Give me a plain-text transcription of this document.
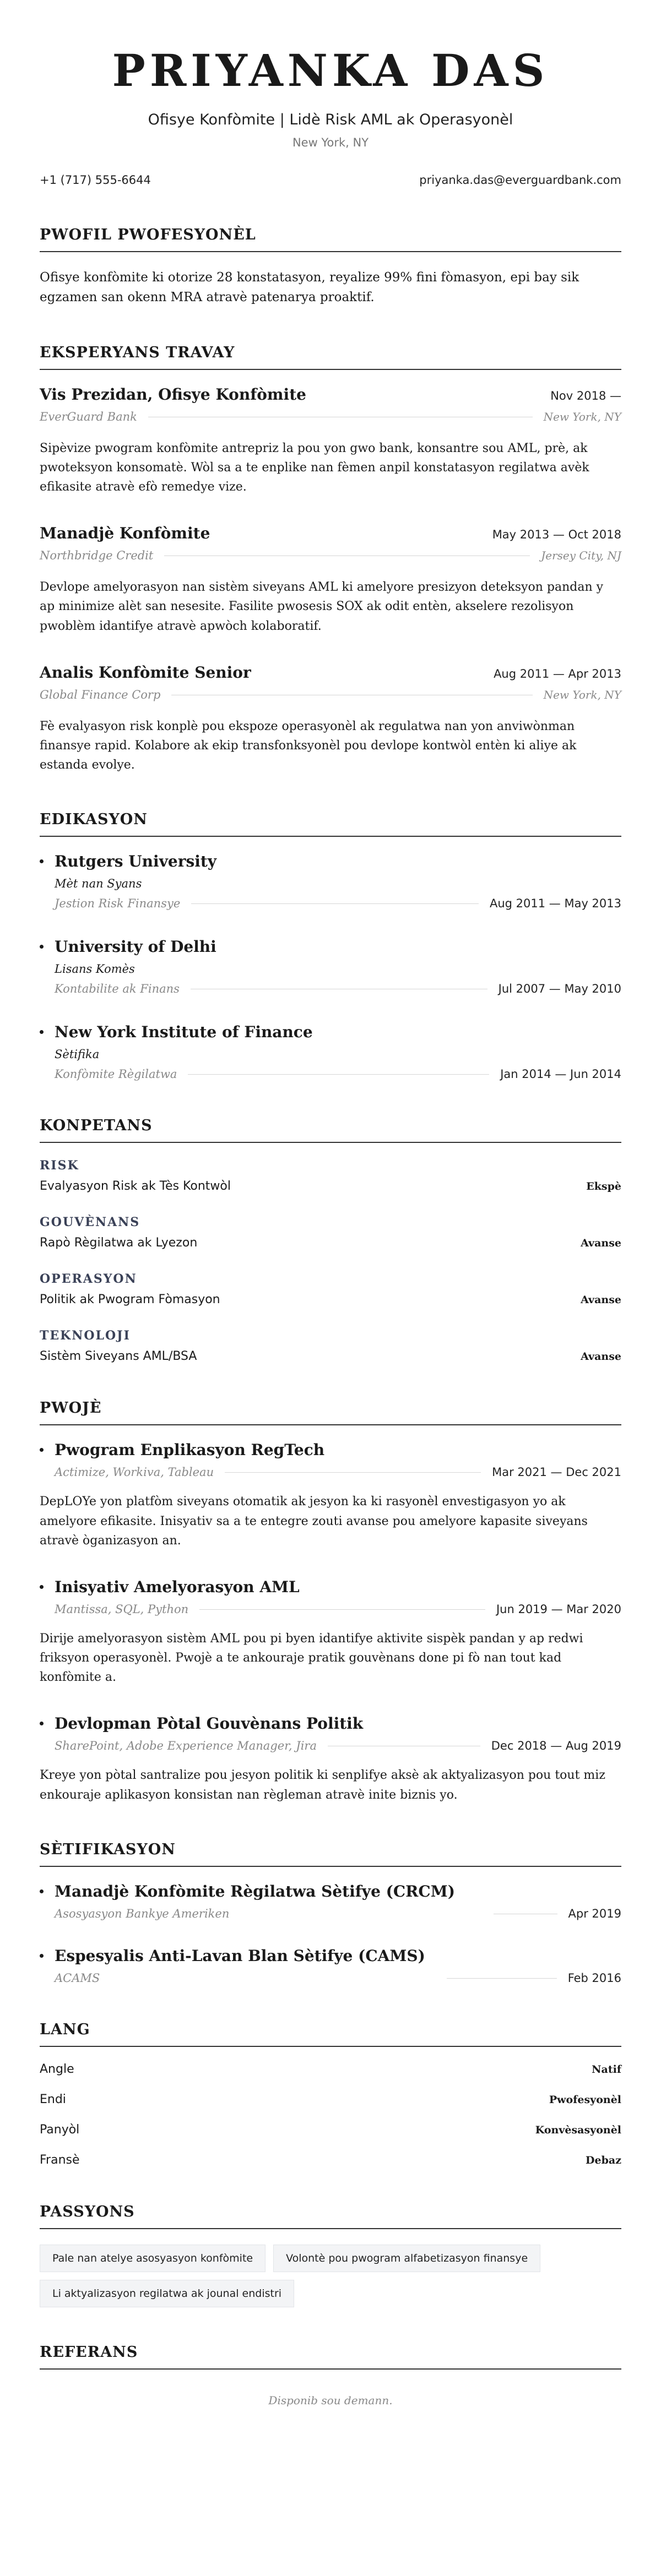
PRIYANKA DAS
Ofisye Konfòmite | Lidè Risk AML ak Operasyonèl
New York, NY
+1 (717) 555-6644	priyanka.das@everguardbank.com
PWOFIL PWOFESYONÈL

Ofisye konfòmite ki otorize 28 konstatasyon, reyalize 99% fini fòmasyon, epi bay sik egzamen san okenn MRA atravè patenarya proaktif.

EKSPERYANS TRAVAY
Vis Prezidan, Ofisye Konfòmite	Nov 2018 —
EverGuard Bank	New York, NY

Sipèvize pwogram konfòmite antrepriz la pou yon gwo bank, konsantre sou AML, prè, ak pwoteksyon konsomatè. Wòl sa a te enplike nan fèmen anpil konstatasyon regilatwa avèk efikasite atravè efò remedye vize.

Manadjè Konfòmite	May 2013 — Oct 2018
Northbridge Credit	Jersey City, NJ

Devlope amelyorasyon nan sistèm siveyans AML ki amelyore presizyon deteksyon pandan y ap minimize alèt san nesesite. Fasilite pwosesis SOX ak odit entèn, akselere rezolisyon pwoblèm idantifye atravè apwòch kolaboratif.

Analis Konfòmite Senior	Aug 2011 — Apr 2013
Global Finance Corp	New York, NY

Fè evalyasyon risk konplè pou ekspoze operasyonèl ak regulatwa nan yon anviwònman finansye rapid. Kolabore ak ekip transfonksyonèl pou devlope kontwòl entèn ki aliye ak estanda evolye.

EDIKASYON
Rutgers University
Mèt nan Syans
Jestion Risk Finansye	Aug 2011 — May 2013
University of Delhi
Lisans Komès
Kontabilite ak Finans	Jul 2007 — May 2010
New York Institute of Finance
Sètifika
Konfòmite Règilatwa	Jan 2014 — Jun 2014
KONPETANS
RISK
Evalyasyon Risk ak Tès Kontwòl	Ekspè
GOUVÈNANS
Rapò Règilatwa ak Lyezon	Avanse
OPERASYON
Politik ak Pwogram Fòmasyon	Avanse
TEKNOLOJI
Sistèm Siveyans AML/BSA	Avanse
PWOJÈ
Pwogram Enplikasyon RegTech
Actimize, Workiva, Tableau	Mar 2021 — Dec 2021

DepLOYe yon platfòm siveyans otomatik ak jesyon ka ki rasyonèl envestigasyon yo ak amelyore efikasite. Inisyativ sa a te entegre zouti avanse pou amelyore kapasite siveyans atravè òganizasyon an.

Inisyativ Amelyorasyon AML
Mantissa, SQL, Python	Jun 2019 — Mar 2020

Dirije amelyorasyon sistèm AML pou pi byen idantifye aktivite sispèk pandan y ap redwi friksyon operasyonèl. Pwojè a te ankouraje pratik gouvènans done pi fò nan tout kad konfòmite a.

Devlopman Pòtal Gouvènans Politik
SharePoint, Adobe Experience Manager, Jira	Dec 2018 — Aug 2019

Kreye yon pòtal santralize pou jesyon politik ki senplifye aksè ak aktyalizasyon pou tout miz enkouraje aplikasyon konsistan nan règleman atravè inite biznis yo.

SÈTIFIKASYON
Manadjè Konfòmite Règilatwa Sètifye (CRCM)
Asosyasyon Bankye Ameriken	Apr 2019
Espesyalis Anti-Lavan Blan Sètifye (CAMS)
ACAMS	Feb 2016
LANG
Angle	Natif
Endi	Pwofesyonèl
Panyòl	Konvèsasyonèl
Fransè	Debaz
PASSYONS
Pale nan atelye asosyasyon konfòmite	Volontè pou pwogram alfabetizasyon finansye
Li aktyalizasyon regilatwa ak jounal endistri
REFERANS

Disponib sou demann.
